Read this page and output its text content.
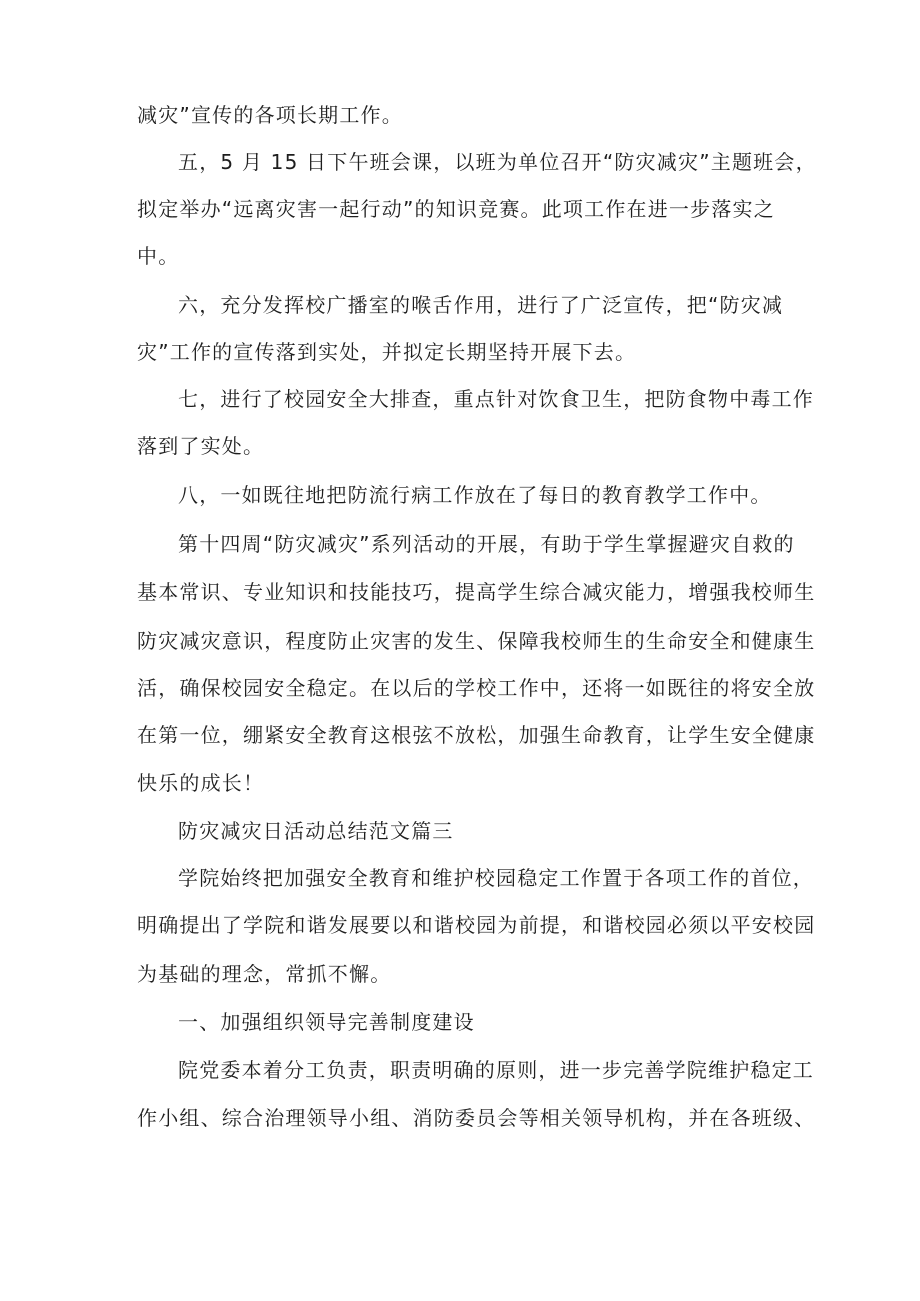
减灾”宣传的各项长期工作。
五，5 月 15 日下午班会课，以班为单位召开“防灾减灾”主题班会，
拟定举办“远离灾害一起行动”的知识竞赛。此项工作在进一步落实之
中。
六，充分发挥校广播室的喉舌作用，进行了广泛宣传，把“防灾减
灾”工作的宣传落到实处，并拟定长期坚持开展下去。
七，进行了校园安全大排查，重点针对饮食卫生，把防食物中毒工作
落到了实处。
八，一如既往地把防流行病工作放在了每日的教育教学工作中。
第十四周“防灾减灾”系列活动的开展，有助于学生掌握避灾自救的
基本常识、专业知识和技能技巧，提高学生综合减灾能力，增强我校师生
防灾减灾意识，程度防止灾害的发生、保障我校师生的生命安全和健康生
活，确保校园安全稳定。在以后的学校工作中，还将一如既往的将安全放
在第一位，绷紧安全教育这根弦不放松，加强生命教育，让学生安全健康
快乐的成长！
防灾减灾日活动总结范文篇三
学院始终把加强安全教育和维护校园稳定工作置于各项工作的首位，
明确提出了学院和谐发展要以和谐校园为前提，和谐校园必须以平安校园
为基础的理念，常抓不懈。
一、加强组织领导完善制度建设
院党委本着分工负责，职责明确的原则，进一步完善学院维护稳定工
作小组、综合治理领导小组、消防委员会等相关领导机构，并在各班级、
